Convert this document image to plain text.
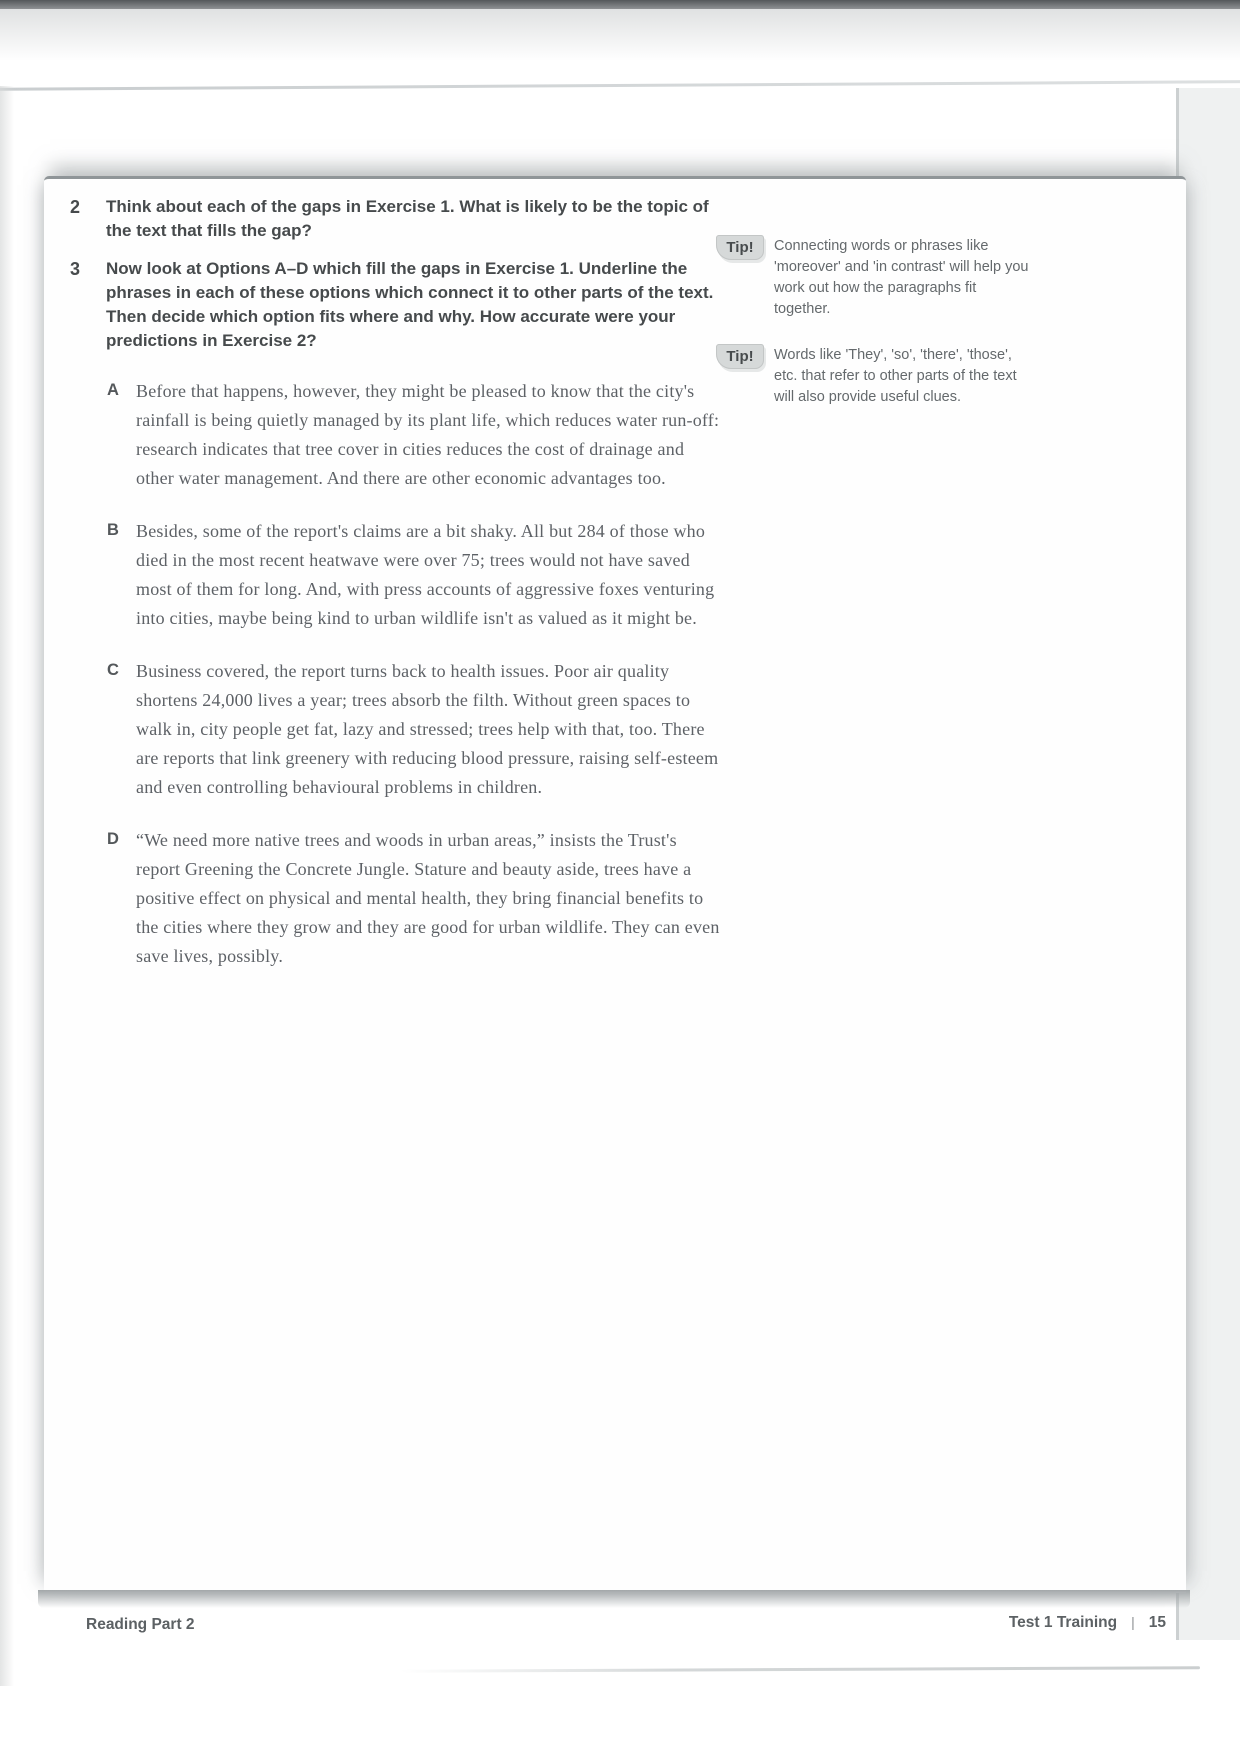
2	Think about each of the gaps in Exercise 1. What is likely to be the topic of the text that fills the gap?

3	Now look at Options A–D which fill the gaps in Exercise 1. Underline the phrases in each of these options which connect it to other parts of the text. Then decide which option fits where and why. How accurate were your predictions in Exercise 2?

A Before that happens, however, they might be pleased to know that the city's rainfall is being quietly managed by its plant life, which reduces water run-off: research indicates that tree cover in cities reduces the cost of drainage and other water management. And there are other economic advantages too.

B Besides, some of the report's claims are a bit shaky. All but 284 of those who died in the most recent heatwave were over 75; trees would not have saved most of them for long. And, with press accounts of aggressive foxes venturing into cities, maybe being kind to urban wildlife isn't as valued as it might be.

C Business covered, the report turns back to health issues. Poor air quality shortens 24,000 lives a year; trees absorb the filth. Without green spaces to walk in, city people get fat, lazy and stressed; trees help with that, too. There are reports that link greenery with reducing blood pressure, raising self-esteem and even controlling behavioural problems in children.

D “We need more native trees and woods in urban areas,” insists the Trust's report Greening the Concrete Jungle. Stature and beauty aside, trees have a positive effect on physical and mental health, they bring financial benefits to the cities where they grow and they are good for urban wildlife. They can even save lives, possibly.

Tip!	Connecting words or phrases like 'moreover' and 'in contrast' will help you work out how the paragraphs fit together.

Tip!	Words like 'They', 'so', 'there', 'those', etc. that refer to other parts of the text will also provide useful clues.

Reading Part 2	Test 1 Training | 15
